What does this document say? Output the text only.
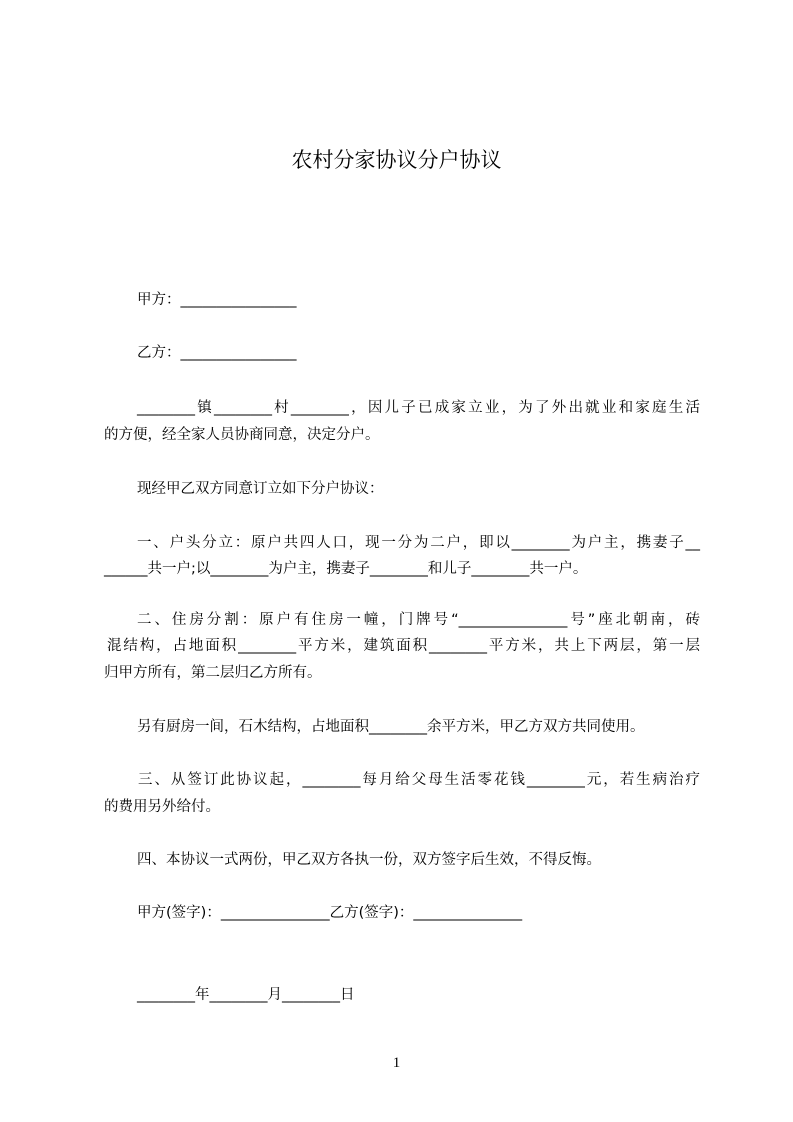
农村分家协议分户协议
甲方：________________
乙方：________________
________镇________村________，因儿子已成家立业，为了外出就业和家庭生活
的方便，经全家人员协商同意，决定分户。
现经甲乙双方同意订立如下分户协议：
一、户头分立：原户共四人口，现一分为二户，即以________为户主，携妻子__
______共一户;以________为户主，携妻子________和儿子________共一户。
二、住房分割：原户有住房一幢，门牌号“_______________号”座北朝南，砖
混结构，占地面积________平方米，建筑面积________平方米，共上下两层，第一层
归甲方所有，第二层归乙方所有。
另有厨房一间，石木结构，占地面积________余平方米，甲乙方双方共同使用。
三、从签订此协议起，________每月给父母生活零花钱________元，若生病治疗
的费用另外给付。
四、本协议一式两份，甲乙双方各执一份，双方签字后生效，不得反悔。
甲方(签字)：_______________乙方(签字)：_______________
________年________月________日
1
